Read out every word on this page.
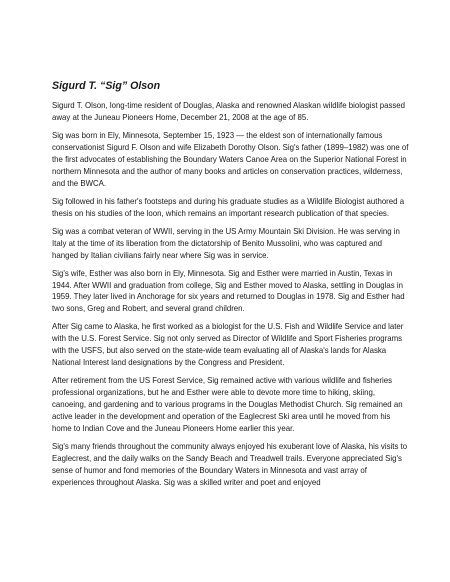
Sigurd T. “Sig” Olson

Sigurd T. Olson, long-time resident of Douglas, Alaska and renowned Alaskan wildlife biologist passed away at the Juneau Pioneers Home, December 21, 2008 at the age of 85.

Sig was born in Ely, Minnesota, September 15, 1923 — the eldest son of internationally famous conservationist Sigurd F. Olson and wife Elizabeth Dorothy Olson. Sig's father (1899–1982) was one of the first advocates of establishing the Boundary Waters Canoe Area on the Superior National Forest in northern Minnesota and the author of many books and articles on conservation practices, wilderness, and the BWCA.

Sig followed in his father's footsteps and during his graduate studies as a Wildlife Biologist authored a thesis on his studies of the loon, which remains an important research publication of that species.

Sig was a combat veteran of WWII, serving in the US Army Mountain Ski Division. He was serving in Italy at the time of its liberation from the dictatorship of Benito Mussolini, who was captured and hanged by Italian civilians fairly near where Sig was in service.

Sig's wife, Esther was also born in Ely, Minnesota. Sig and Esther were married in Austin, Texas in 1944. After WWII and graduation from college, Sig and Esther moved to Alaska, settling in Douglas in 1959. They later lived in Anchorage for six years and returned to Douglas in 1978. Sig and Esther had two sons, Greg and Robert, and several grand children.

After Sig came to Alaska, he first worked as a biologist for the U.S. Fish and Wildlife Service and later with the U.S. Forest Service. Sig not only served as Director of Wildlife and Sport Fisheries programs with the USFS, but also served on the state-wide team evaluating all of Alaska's lands for Alaska National Interest land designations by the Congress and President.

After retirement from the US Forest Service, Sig remained active with various wildlife and fisheries professional organizations, but he and Esther were able to devote more time to hiking, skiing, canoeing, and gardening and to various programs in the Douglas Methodist Church. Sig remained an active leader in the development and operation of the Eaglecrest Ski area until he moved from his home to Indian Cove and the Juneau Pioneers Home earlier this year.

Sig's many friends throughout the community always enjoyed his exuberant love of Alaska, his visits to Eaglecrest, and the daily walks on the Sandy Beach and Treadwell trails. Everyone appreciated Sig's sense of humor and fond memories of the Boundary Waters in Minnesota and vast array of experiences throughout Alaska. Sig was a skilled writer and poet and enjoyed
